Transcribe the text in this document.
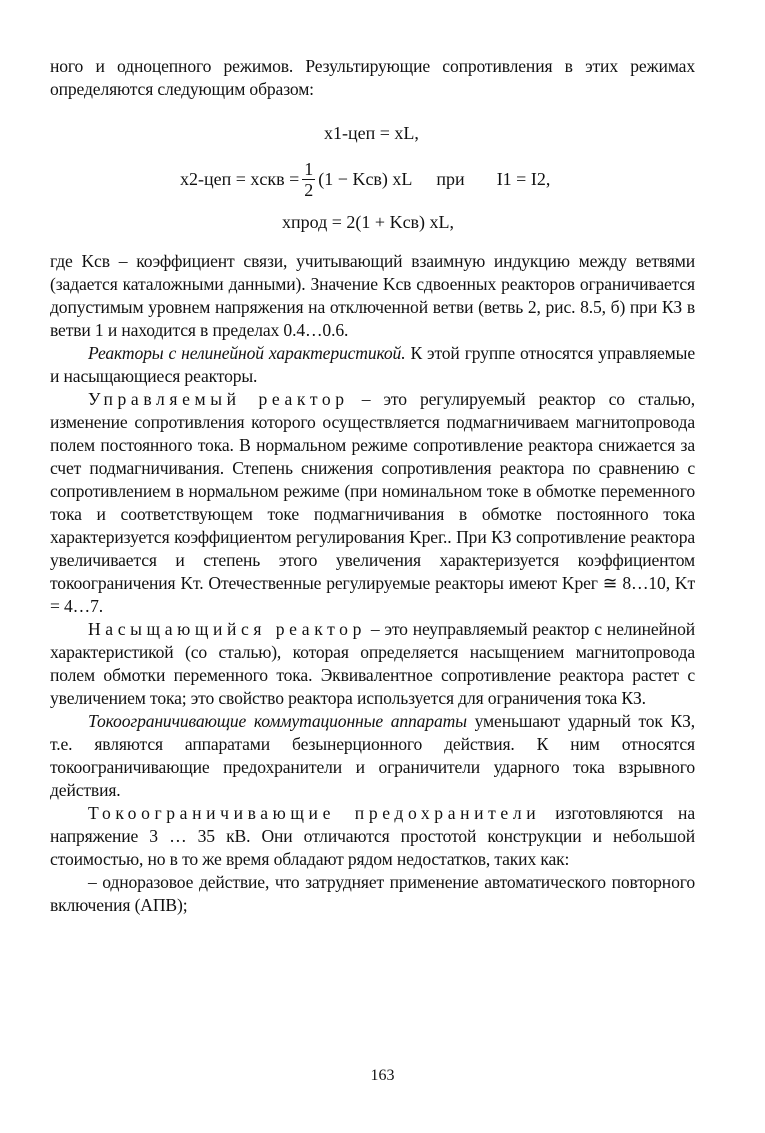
ного и одноцепного режимов. Результирующие сопротивления в этих режимах определяются следующим образом:

x1-цеп = xL,
x2-цеп = xскв = $\frac{1}{2} (1 - Kсв)$ xL при I1 = I2,
xпрод = 2(1 + Kсв) xL,

где Kсв – коэффициент связи, учитывающий взаимную индукцию между ветвями (задается каталожными данными). Значение Kсв сдвоенных реакторов ограничивается допустимым уровнем напряжения на отключенной ветви (ветвь 2, рис. 8.5, б) при КЗ в ветви 1 и находится в пределах 0.4…0.6.

Реакторы с нелинейной характеристикой. К этой группе относятся управляемые и насыщающиеся реакторы.

Управляемый реактор – это регулируемый реактор со сталью, изменение сопротивления которого осуществляется подмагничиваем магнитопровода полем постоянного тока. В нормальном режиме сопротивление реактора снижается за счет подмагничивания. Степень снижения сопротивления реактора по сравнению с сопротивлением в нормальном режиме (при номинальном токе в обмотке переменного тока и соответствующем токе подмагничивания в обмотке постоянного тока характеризуется коэффициентом регулирования Kрег.. При КЗ сопротивление реактора увеличивается и степень этого увеличения характеризуется коэффициентом токоограничения Kт. Отечественные регулируемые реакторы имеют Kрег ≅ 8…10, Kт = 4…7.

Насыщающийся реактор – это неуправляемый реактор с нелинейной характеристикой (со сталью), которая определяется насыщением магнитопровода полем обмотки переменного тока. Эквивалентное сопротивление реактора растет с увеличением тока; это свойство реактора используется для ограничения тока КЗ.

Токоограничивающие коммутационные аппараты уменьшают ударный ток КЗ, т.е. являются аппаратами безынерционного действия. К ним относятся токоограничивающие предохранители и ограничители ударного тока взрывного действия.

Токоограничивающие предохранители изготовляются на напряжение 3 … 35 кВ. Они отличаются простотой конструкции и небольшой стоимостью, но в то же время обладают рядом недостатков, таких как:

– одноразовое действие, что затрудняет применение автоматического повторного включения (АПВ);

163
